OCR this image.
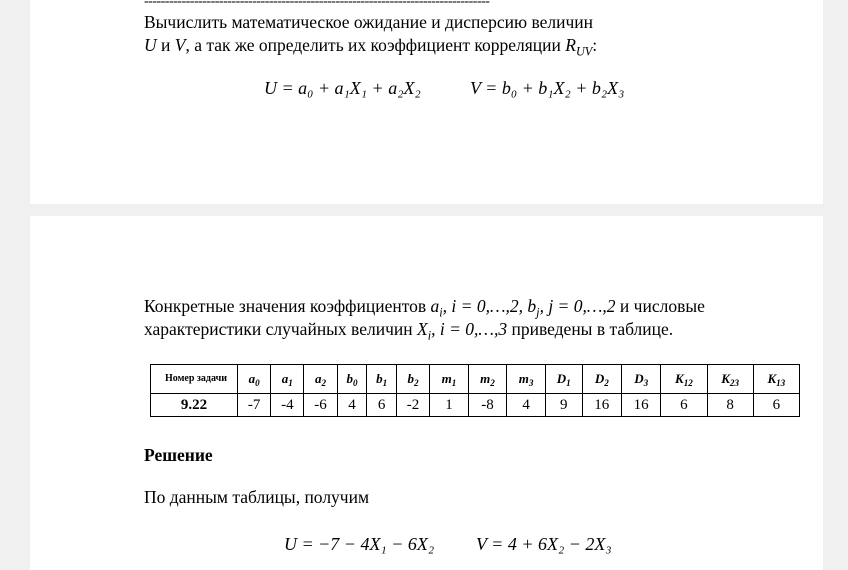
-----------------------------------------------------------------------------------
Вычислить математическое ожидание и дисперсию величин
U и V, а так же определить их коэффициент корреляции $R_{UV}$:
U = a₀ + a₁X₁ + a₂X₂	V = b₀ + b₁X₂ + b₂X₃
Конкретные значения коэффициентов $a_i$, i = 0,…,2, $b_j$, j = 0,…,2 и числовые
характеристики случайных величин $X_i$, i = 0,…,3 приведены в таблице.
Номер задачи	$a_0$	$a_1$	$a_2$	$b_0$	$b_1$	$b_2$	$m_1$	$m_2$	$m_3$	$D_1$	$D_2$	$D_3$	$K_{12}$	$K_{23}$	$K_{13}$
9.22	-7	-4	-6	4	6	-2	1	-8	4	9	16	16	6	8	6
Решение
По данным таблицы, получим
U = −7 − 4X₁ − 6X₂ V = 4 + 6X₂ − 2X₃
